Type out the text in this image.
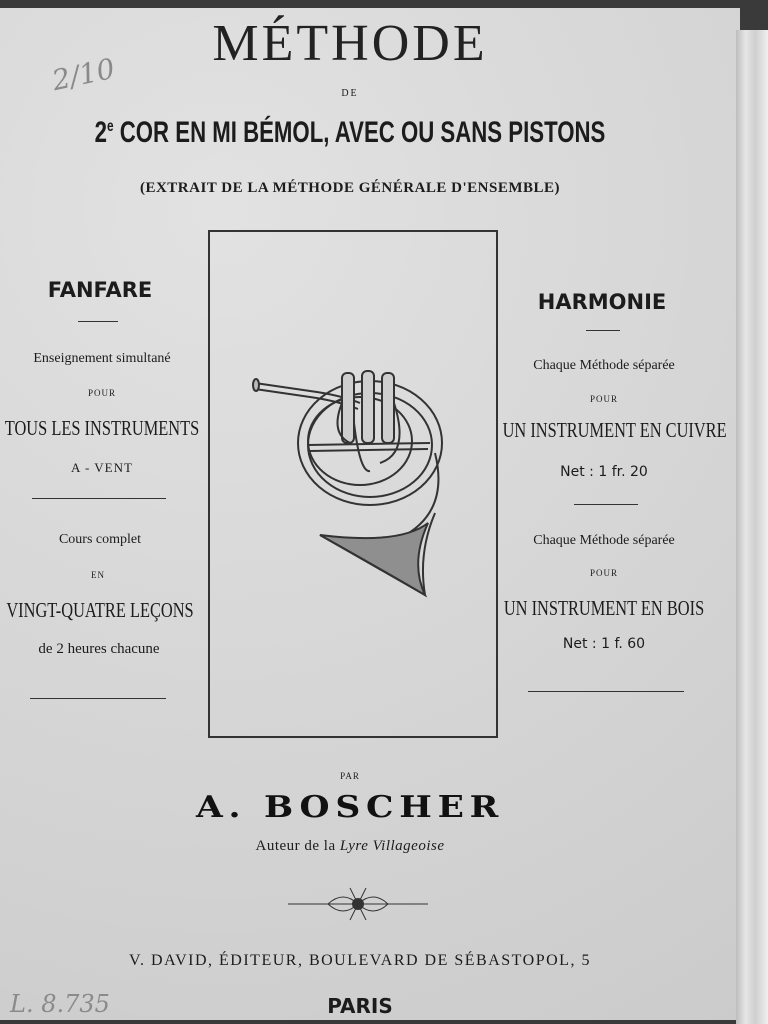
MÉTHODE
2/10	DE
2e COR EN MI BÉMOL, AVEC OU SANS PISTONS
(EXTRAIT DE LA MÉTHODE GÉNÉRALE D'ENSEMBLE)
FANFARE
Enseignement simultané
POUR
TOUS LES INSTRUMENTS
A - VENT
Cours complet
EN
VINGT-QUATRE LEÇONS
de 2 heures chacune
HARMONIE
Chaque Méthode séparée
POUR
UN INSTRUMENT EN CUIVRE
Net : 1 fr. 20
Chaque Méthode séparée
POUR
UN INSTRUMENT EN BOIS
Net : 1 f. 60
PAR
A. BOSCHER
Auteur de la Lyre Villageoise
V. DAVID, ÉDITEUR, BOULEVARD DE SÉBASTOPOL, 5
L. 8.735	PARIS
